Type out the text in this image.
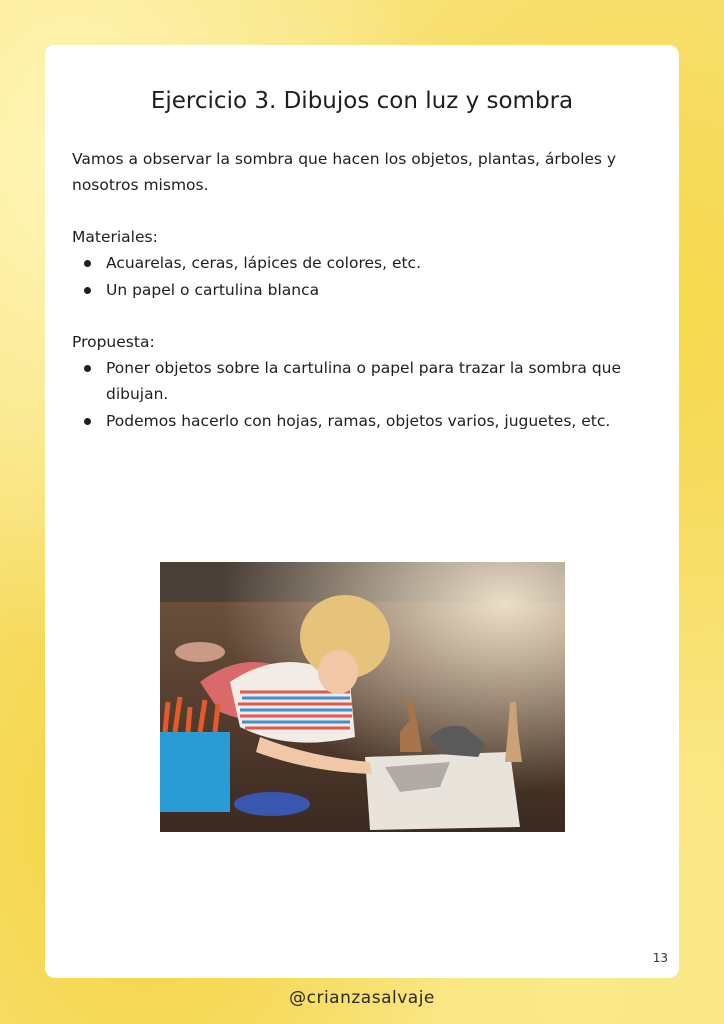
Ejercicio 3. Dibujos con luz y sombra

Vamos a observar la sombra que hacen los objetos, plantas, árboles y nosotros mismos.

Materiales:
Acuarelas, ceras, lápices de colores, etc.
Un papel o cartulina blanca
Propuesta:
Poner objetos sobre la cartulina o papel para trazar la sombra que dibujan.
Podemos hacerlo con hojas, ramas, objetos varios, juguetes, etc.
13
@crianzasalvaje
